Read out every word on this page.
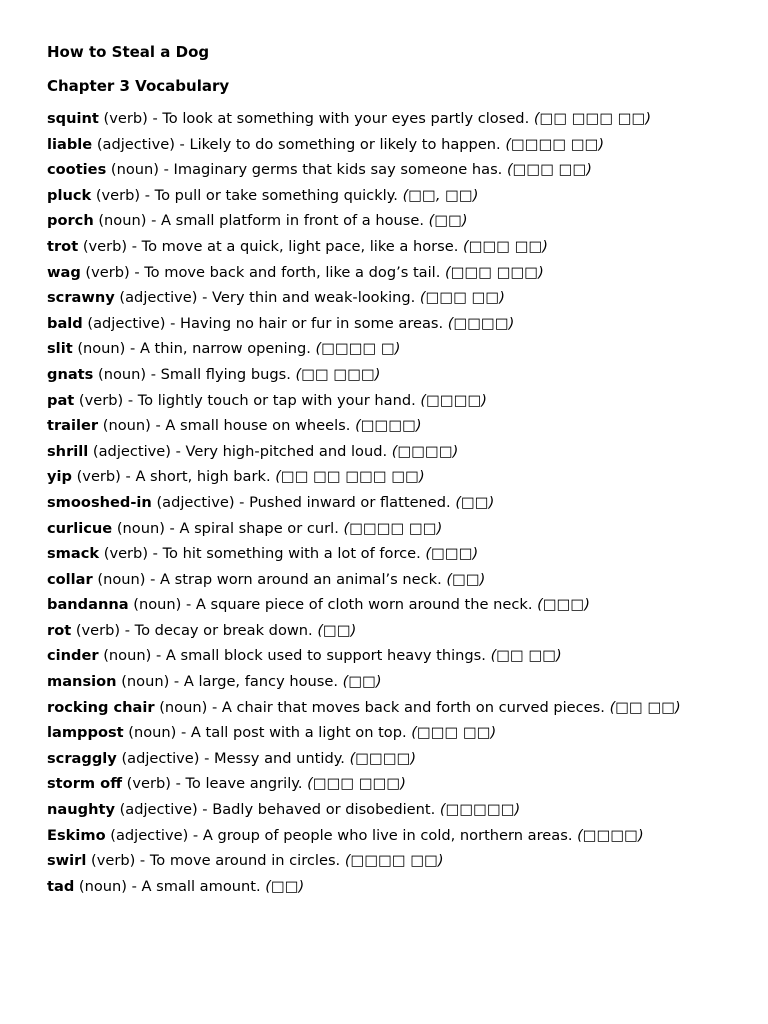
How to Steal a Dog
Chapter 3 Vocabulary
squint (verb) - To look at something with your eyes partly closed. (□□ □□□ □□)
liable (adjective) - Likely to do something or likely to happen. (□□□□ □□)
cooties (noun) - Imaginary germs that kids say someone has. (□□□ □□)
pluck (verb) - To pull or take something quickly. (□□, □□)
porch (noun) - A small platform in front of a house. (□□)
trot (verb) - To move at a quick, light pace, like a horse. (□□□ □□)
wag (verb) - To move back and forth, like a dog’s tail. (□□□ □□□)
scrawny (adjective) - Very thin and weak-looking. (□□□ □□)
bald (adjective) - Having no hair or fur in some areas. (□□□□)
slit (noun) - A thin, narrow opening. (□□□□ □)
gnats (noun) - Small flying bugs. (□□ □□□)
pat (verb) - To lightly touch or tap with your hand. (□□□□)
trailer (noun) - A small house on wheels. (□□□□)
shrill (adjective) - Very high-pitched and loud. (□□□□)
yip (verb) - A short, high bark. (□□ □□ □□□ □□)
smooshed-in (adjective) - Pushed inward or flattened. (□□)
curlicue (noun) - A spiral shape or curl. (□□□□ □□)
smack (verb) - To hit something with a lot of force. (□□□)
collar (noun) - A strap worn around an animal’s neck. (□□)
bandanna (noun) - A square piece of cloth worn around the neck. (□□□)
rot (verb) - To decay or break down. (□□)
cinder (noun) - A small block used to support heavy things. (□□ □□)
mansion (noun) - A large, fancy house. (□□)
rocking chair (noun) - A chair that moves back and forth on curved pieces. (□□ □□)
lamppost (noun) - A tall post with a light on top. (□□□ □□)
scraggly (adjective) - Messy and untidy. (□□□□)
storm off (verb) - To leave angrily. (□□□ □□□)
naughty (adjective) - Badly behaved or disobedient. (□□□□□)
Eskimo (adjective) - A group of people who live in cold, northern areas. (□□□□)
swirl (verb) - To move around in circles. (□□□□ □□)
tad (noun) - A small amount. (□□)
